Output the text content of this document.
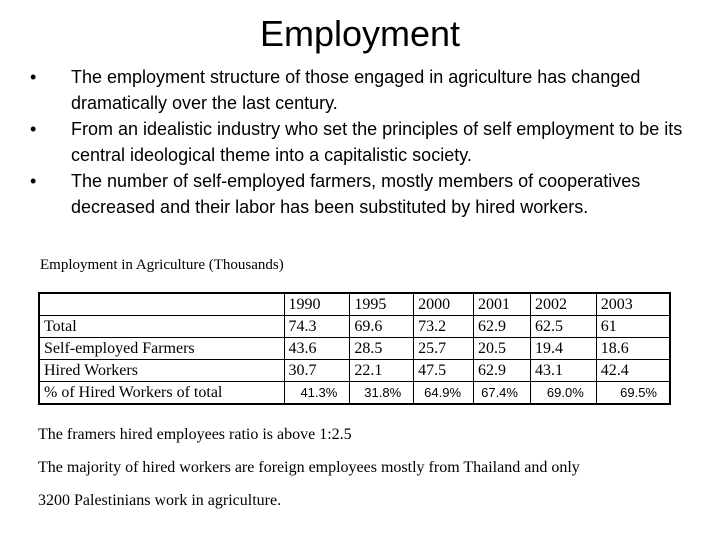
Employment
• The employment structure of those engaged in agriculture has changed dramatically over the last century.
• From an idealistic industry who set the principles of self employment to be its central ideological theme into a capitalistic society.
• The number of self-employed farmers, mostly members of cooperatives decreased and their labor has been substituted by hired workers.
Employment in Agriculture (Thousands)
	1990	1995	2000	2001	2002	2003
Total	74.3	69.6	73.2	62.9	62.5	61
Self-employed Farmers	43.6	28.5	25.7	20.5	19.4	18.6
Hired Workers	30.7	22.1	47.5	62.9	43.1	42.4
% of Hired Workers of total	41.3%	31.8%	64.9%	67.4%	69.0%	69.5%

The framers hired employees ratio is above 1:2.5

The majority of hired workers are foreign employees mostly from Thailand and only

3200 Palestinians work in agriculture.
